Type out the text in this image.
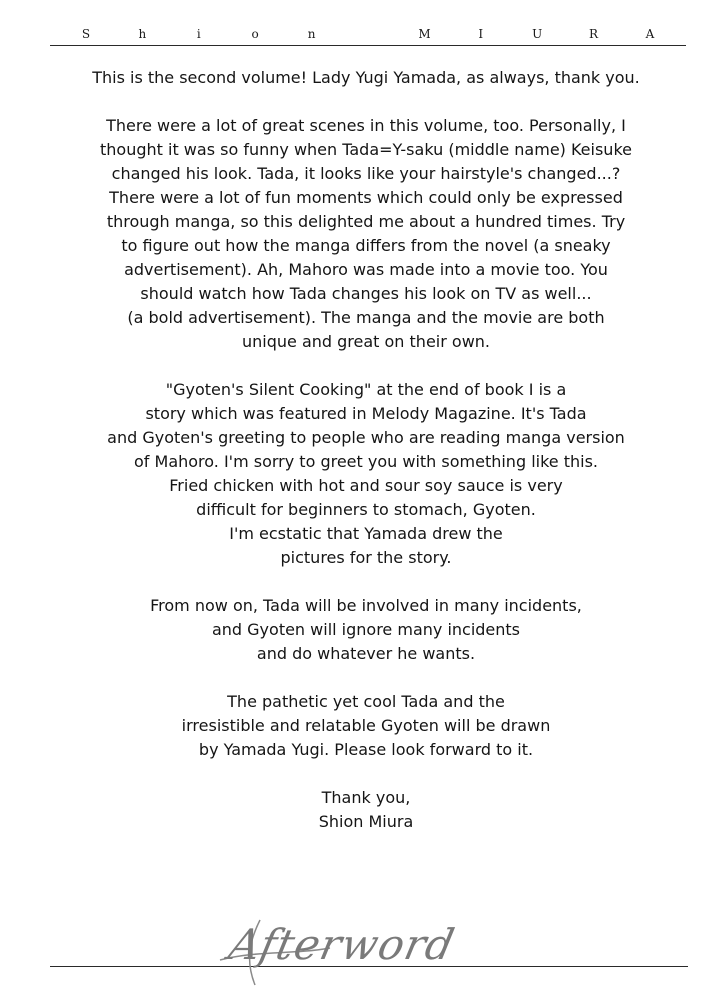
S	h	i	o	n	M	I	U	R	A
This is the second volume! Lady Yugi Yamada, as always, thank you.
There were a lot of great scenes in this volume, too. Personally, I
thought it was so funny when Tada=Y-saku (middle name) Keisuke
changed his look. Tada, it looks like your hairstyle's changed...?
There were a lot of fun moments which could only be expressed
through manga, so this delighted me about a hundred times. Try
to figure out how the manga differs from the novel (a sneaky
advertisement). Ah, Mahoro was made into a movie too. You
should watch how Tada changes his look on TV as well...
(a bold advertisement). The manga and the movie are both
unique and great on their own.
"Gyoten's Silent Cooking" at the end of book I is a
story which was featured in Melody Magazine. It's Tada
and Gyoten's greeting to people who are reading manga version
of Mahoro. I'm sorry to greet you with something like this.
Fried chicken with hot and sour soy sauce is very
difficult for beginners to stomach, Gyoten.
I'm ecstatic that Yamada drew the
pictures for the story.
From now on, Tada will be involved in many incidents,
and Gyoten will ignore many incidents
and do whatever he wants.
The pathetic yet cool Tada and the
irresistible and relatable Gyoten will be drawn
by Yamada Yugi. Please look forward to it.
Thank you,
Shion Miura
Afterword
